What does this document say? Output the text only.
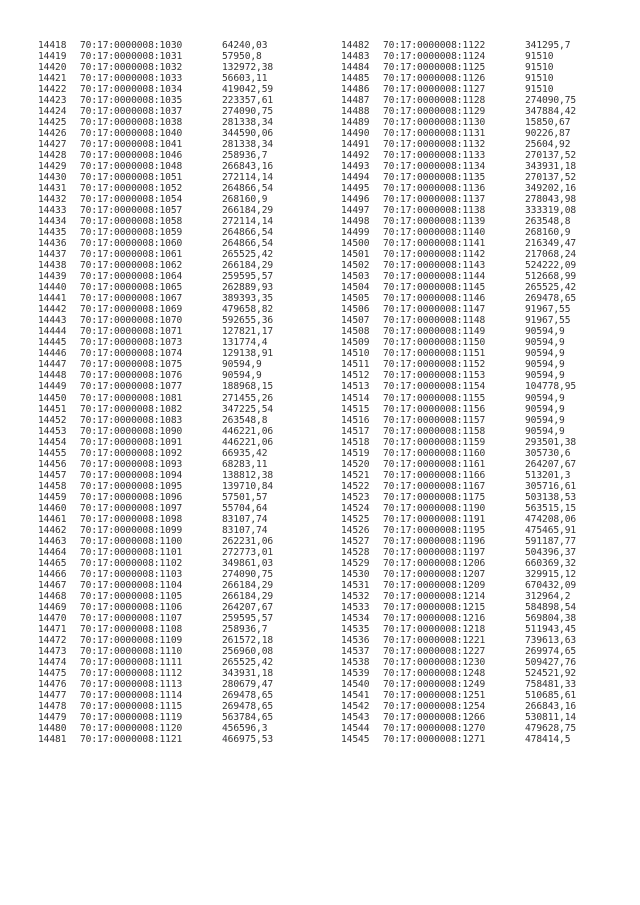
14418 70:17:0000008:1030	64240,03
14419 70:17:0000008:1031	57950,8
14420 70:17:0000008:1032	132972,38
14421 70:17:0000008:1033	56603,11
14422 70:17:0000008:1034	419042,59
14423 70:17:0000008:1035	223357,61
14424 70:17:0000008:1037	274090,75
14425 70:17:0000008:1038	281338,34
14426 70:17:0000008:1040	344590,06
14427 70:17:0000008:1041	281338,34
14428 70:17:0000008:1046	258936,7
14429 70:17:0000008:1048	266843,16
14430 70:17:0000008:1051	272114,14
14431 70:17:0000008:1052	264866,54
14432 70:17:0000008:1054	268160,9
14433 70:17:0000008:1057	266184,29
14434 70:17:0000008:1058	272114,14
14435 70:17:0000008:1059	264866,54
14436 70:17:0000008:1060	264866,54
14437 70:17:0000008:1061	265525,42
14438 70:17:0000008:1062	266184,29
14439 70:17:0000008:1064	259595,57
14440 70:17:0000008:1065	262889,93
14441 70:17:0000008:1067	389393,35
14442 70:17:0000008:1069	479658,82
14443 70:17:0000008:1070	592655,36
14444 70:17:0000008:1071	127821,17
14445 70:17:0000008:1073	131774,4
14446 70:17:0000008:1074	129138,91
14447 70:17:0000008:1075	90594,9
14448 70:17:0000008:1076	90594,9
14449 70:17:0000008:1077	188968,15
14450 70:17:0000008:1081	271455,26
14451 70:17:0000008:1082	347225,54
14452 70:17:0000008:1083	263548,8
14453 70:17:0000008:1090	446221,06
14454 70:17:0000008:1091	446221,06
14455 70:17:0000008:1092	66935,42
14456 70:17:0000008:1093	68283,11
14457 70:17:0000008:1094	138812,38
14458 70:17:0000008:1095	139710,84
14459 70:17:0000008:1096	57501,57
14460 70:17:0000008:1097	55704,64
14461 70:17:0000008:1098	83107,74
14462 70:17:0000008:1099	83107,74
14463 70:17:0000008:1100	262231,06
14464 70:17:0000008:1101	272773,01
14465 70:17:0000008:1102	349861,03
14466 70:17:0000008:1103	274090,75
14467 70:17:0000008:1104	266184,29
14468 70:17:0000008:1105	266184,29
14469 70:17:0000008:1106	264207,67
14470 70:17:0000008:1107	259595,57
14471 70:17:0000008:1108	258936,7
14472 70:17:0000008:1109	261572,18
14473 70:17:0000008:1110	256960,08
14474 70:17:0000008:1111	265525,42
14475 70:17:0000008:1112	343931,18
14476 70:17:0000008:1113	280679,47
14477 70:17:0000008:1114	269478,65
14478 70:17:0000008:1115	269478,65
14479 70:17:0000008:1119	563784,65
14480 70:17:0000008:1120	456596,3
14481 70:17:0000008:1121	466975,53
14482 70:17:0000008:1122	341295,7
14483 70:17:0000008:1124	91510
14484 70:17:0000008:1125	91510
14485 70:17:0000008:1126	91510
14486 70:17:0000008:1127	91510
14487 70:17:0000008:1128	274090,75
14488 70:17:0000008:1129	347884,42
14489 70:17:0000008:1130	15850,67
14490 70:17:0000008:1131	90226,87
14491 70:17:0000008:1132	25604,92
14492 70:17:0000008:1133	270137,52
14493 70:17:0000008:1134	343931,18
14494 70:17:0000008:1135	270137,52
14495 70:17:0000008:1136	349202,16
14496 70:17:0000008:1137	278043,98
14497 70:17:0000008:1138	333319,08
14498 70:17:0000008:1139	263548,8
14499 70:17:0000008:1140	268160,9
14500 70:17:0000008:1141	216349,47
14501 70:17:0000008:1142	217068,24
14502 70:17:0000008:1143	524222,09
14503 70:17:0000008:1144	512668,99
14504 70:17:0000008:1145	265525,42
14505 70:17:0000008:1146	269478,65
14506 70:17:0000008:1147	91967,55
14507 70:17:0000008:1148	91967,55
14508 70:17:0000008:1149	90594,9
14509 70:17:0000008:1150	90594,9
14510 70:17:0000008:1151	90594,9
14511 70:17:0000008:1152	90594,9
14512 70:17:0000008:1153	90594,9
14513 70:17:0000008:1154	104778,95
14514 70:17:0000008:1155	90594,9
14515 70:17:0000008:1156	90594,9
14516 70:17:0000008:1157	90594,9
14517 70:17:0000008:1158	90594,9
14518 70:17:0000008:1159	293501,38
14519 70:17:0000008:1160	305730,6
14520 70:17:0000008:1161	264207,67
14521 70:17:0000008:1166	513201,3
14522 70:17:0000008:1167	305716,61
14523 70:17:0000008:1175	503138,53
14524 70:17:0000008:1190	563515,15
14525 70:17:0000008:1191	474208,06
14526 70:17:0000008:1195	475465,91
14527 70:17:0000008:1196	591187,77
14528 70:17:0000008:1197	504396,37
14529 70:17:0000008:1206	660369,32
14530 70:17:0000008:1207	329915,12
14531 70:17:0000008:1209	670432,09
14532 70:17:0000008:1214	312964,2
14533 70:17:0000008:1215	584898,54
14534 70:17:0000008:1216	569804,38
14535 70:17:0000008:1218	511943,45
14536 70:17:0000008:1221	739613,63
14537 70:17:0000008:1227	269974,65
14538 70:17:0000008:1230	509427,76
14539 70:17:0000008:1248	524521,92
14540 70:17:0000008:1249	758481,33
14541 70:17:0000008:1251	510685,61
14542 70:17:0000008:1254	266843,16
14543 70:17:0000008:1266	530811,14
14544 70:17:0000008:1270	479628,75
14545 70:17:0000008:1271	478414,5
